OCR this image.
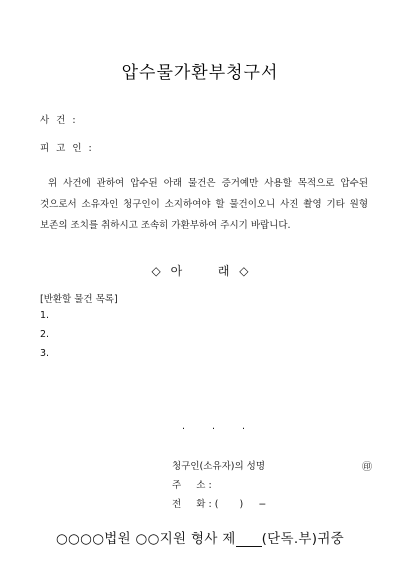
압수물가환부청구서
사건:
피고인:
위 사건에 관하여 압수된 아래 물건은 증거예만 사용할 목적으로 압수된 것으로서 소유자인 청구인이 소지하여야 할 물건이오니 사진 촬영 기타 원형 보존의 조치를 취하시고 조속히 가환부하여 주시기 바랍니다.
◇ 아	래 ◇
[반환할 물건 목록]
1.
2.
3.
.	.	.
청구인(소유자)의 성명	㊞
주     소 :
전     화 : (       )     −
○○○○법원 ○○지원 형사 제 (단독.부)귀중
